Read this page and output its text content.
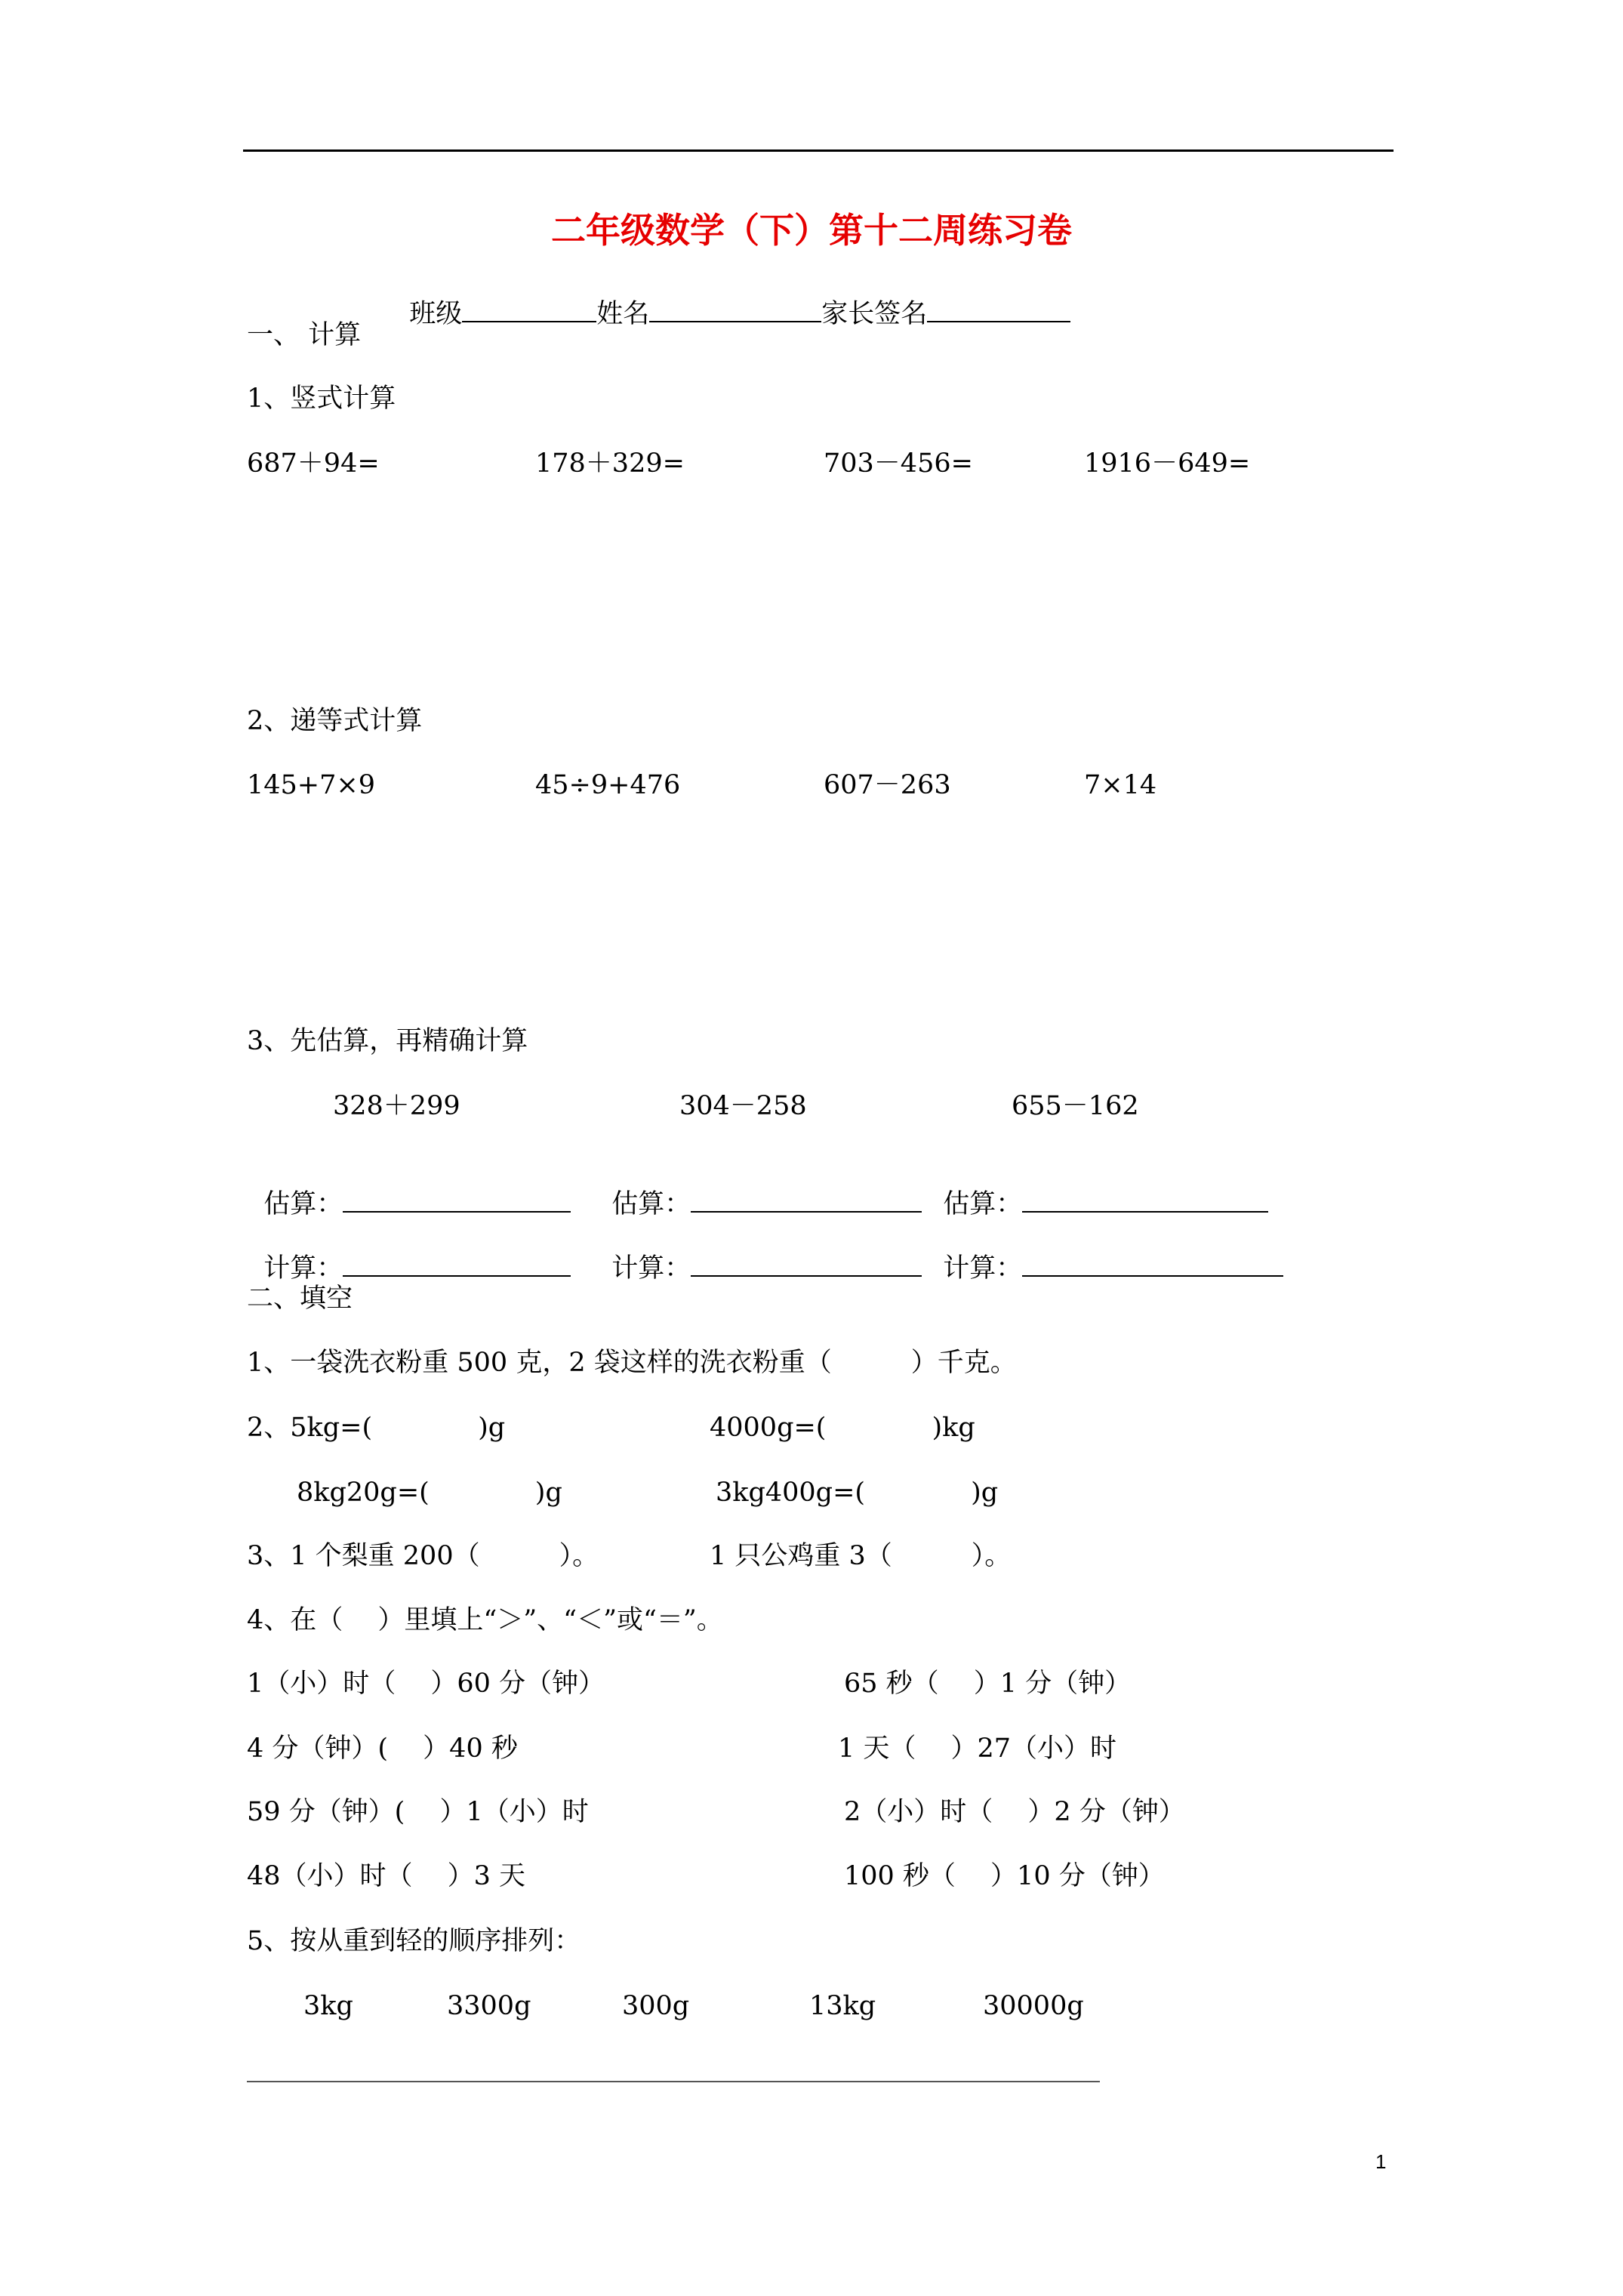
二年级数学（下）第十二周练习卷

班级	姓名	家长签名

一、 计算
1、竖式计算
687＋94=	178＋329=	703－456=	1916－649=
2、递等式计算
145+7×9	45÷9+476	607－263	7×14
3、先估算，再精确计算
328＋299	304－258	655－162

估算：	估算：	估算：

计算：	计算：	计算：

二、填空
1、一袋洗衣粉重 500 克，2 袋这样的洗衣粉重（　　　）千克。
2、5kg=(　　　　)g	4000g=(　　　　)kg
8kg20g=(　　　　)g	3kg400g=(　　　　)g
3、1 个梨重 200（　　　）。	1 只公鸡重 3（　　　）。
4、在（　 ）里填上“＞”、“＜”或“＝”。
1（小）时（　 ）60 分（钟）	65 秒（　 ）1 分（钟）
4 分（钟）(　 ）40 秒	1 天（　 ）27（小）时
59 分（钟）(　 ）1（小）时	2（小）时（　 ）2 分（钟）
48（小）时（　 ）3 天	100 秒（　 ）10 分（钟）
5、按从重到轻的顺序排列：
3kg	3300g	300g	13kg	30000g
1
